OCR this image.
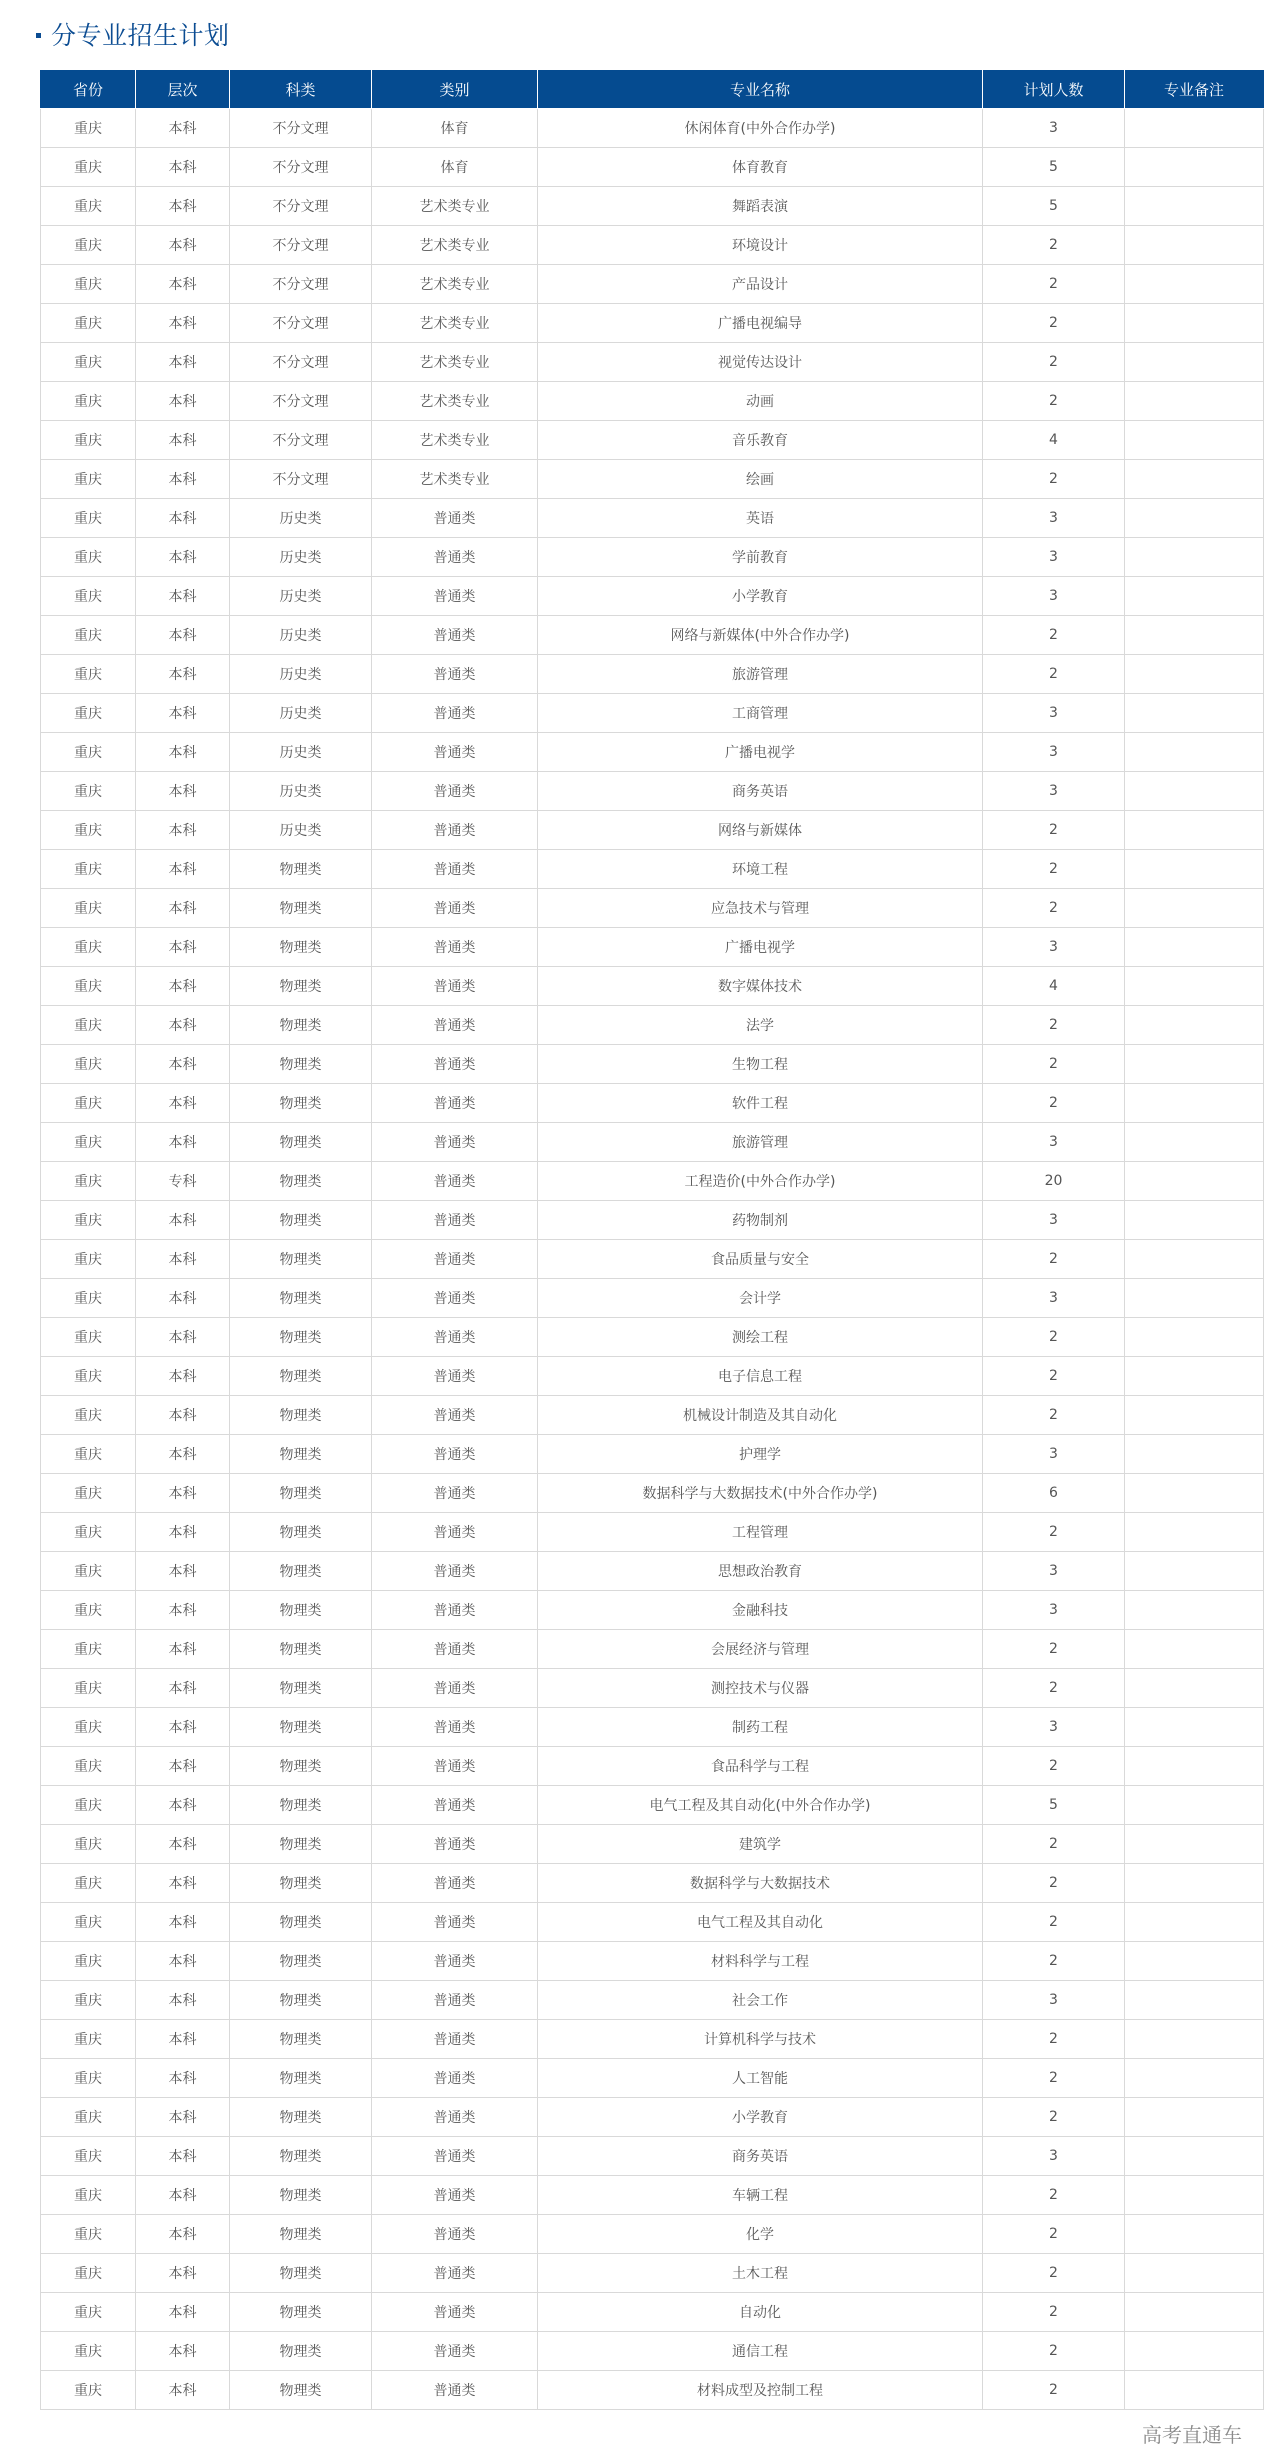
分专业招生计划
省份	层次	科类	类别	专业名称	计划人数	专业备注
重庆	本科	不分文理	体育	休闲体育(中外合作办学)	3	
重庆	本科	不分文理	体育	体育教育	5	
重庆	本科	不分文理	艺术类专业	舞蹈表演	5	
重庆	本科	不分文理	艺术类专业	环境设计	2	
重庆	本科	不分文理	艺术类专业	产品设计	2	
重庆	本科	不分文理	艺术类专业	广播电视编导	2	
重庆	本科	不分文理	艺术类专业	视觉传达设计	2	
重庆	本科	不分文理	艺术类专业	动画	2	
重庆	本科	不分文理	艺术类专业	音乐教育	4	
重庆	本科	不分文理	艺术类专业	绘画	2	
重庆	本科	历史类	普通类	英语	3	
重庆	本科	历史类	普通类	学前教育	3	
重庆	本科	历史类	普通类	小学教育	3	
重庆	本科	历史类	普通类	网络与新媒体(中外合作办学)	2	
重庆	本科	历史类	普通类	旅游管理	2	
重庆	本科	历史类	普通类	工商管理	3	
重庆	本科	历史类	普通类	广播电视学	3	
重庆	本科	历史类	普通类	商务英语	3	
重庆	本科	历史类	普通类	网络与新媒体	2	
重庆	本科	物理类	普通类	环境工程	2	
重庆	本科	物理类	普通类	应急技术与管理	2	
重庆	本科	物理类	普通类	广播电视学	3	
重庆	本科	物理类	普通类	数字媒体技术	4	
重庆	本科	物理类	普通类	法学	2	
重庆	本科	物理类	普通类	生物工程	2	
重庆	本科	物理类	普通类	软件工程	2	
重庆	本科	物理类	普通类	旅游管理	3	
重庆	专科	物理类	普通类	工程造价(中外合作办学)	20	
重庆	本科	物理类	普通类	药物制剂	3	
重庆	本科	物理类	普通类	食品质量与安全	2	
重庆	本科	物理类	普通类	会计学	3	
重庆	本科	物理类	普通类	测绘工程	2	
重庆	本科	物理类	普通类	电子信息工程	2	
重庆	本科	物理类	普通类	机械设计制造及其自动化	2	
重庆	本科	物理类	普通类	护理学	3	
重庆	本科	物理类	普通类	数据科学与大数据技术(中外合作办学)	6	
重庆	本科	物理类	普通类	工程管理	2	
重庆	本科	物理类	普通类	思想政治教育	3	
重庆	本科	物理类	普通类	金融科技	3	
重庆	本科	物理类	普通类	会展经济与管理	2	
重庆	本科	物理类	普通类	测控技术与仪器	2	
重庆	本科	物理类	普通类	制药工程	3	
重庆	本科	物理类	普通类	食品科学与工程	2	
重庆	本科	物理类	普通类	电气工程及其自动化(中外合作办学)	5	
重庆	本科	物理类	普通类	建筑学	2	
重庆	本科	物理类	普通类	数据科学与大数据技术	2	
重庆	本科	物理类	普通类	电气工程及其自动化	2	
重庆	本科	物理类	普通类	材料科学与工程	2	
重庆	本科	物理类	普通类	社会工作	3	
重庆	本科	物理类	普通类	计算机科学与技术	2	
重庆	本科	物理类	普通类	人工智能	2	
重庆	本科	物理类	普通类	小学教育	2	
重庆	本科	物理类	普通类	商务英语	3	
重庆	本科	物理类	普通类	车辆工程	2	
重庆	本科	物理类	普通类	化学	2	
重庆	本科	物理类	普通类	土木工程	2	
重庆	本科	物理类	普通类	自动化	2	
重庆	本科	物理类	普通类	通信工程	2	
重庆	本科	物理类	普通类	材料成型及控制工程	2	
高考直通车
